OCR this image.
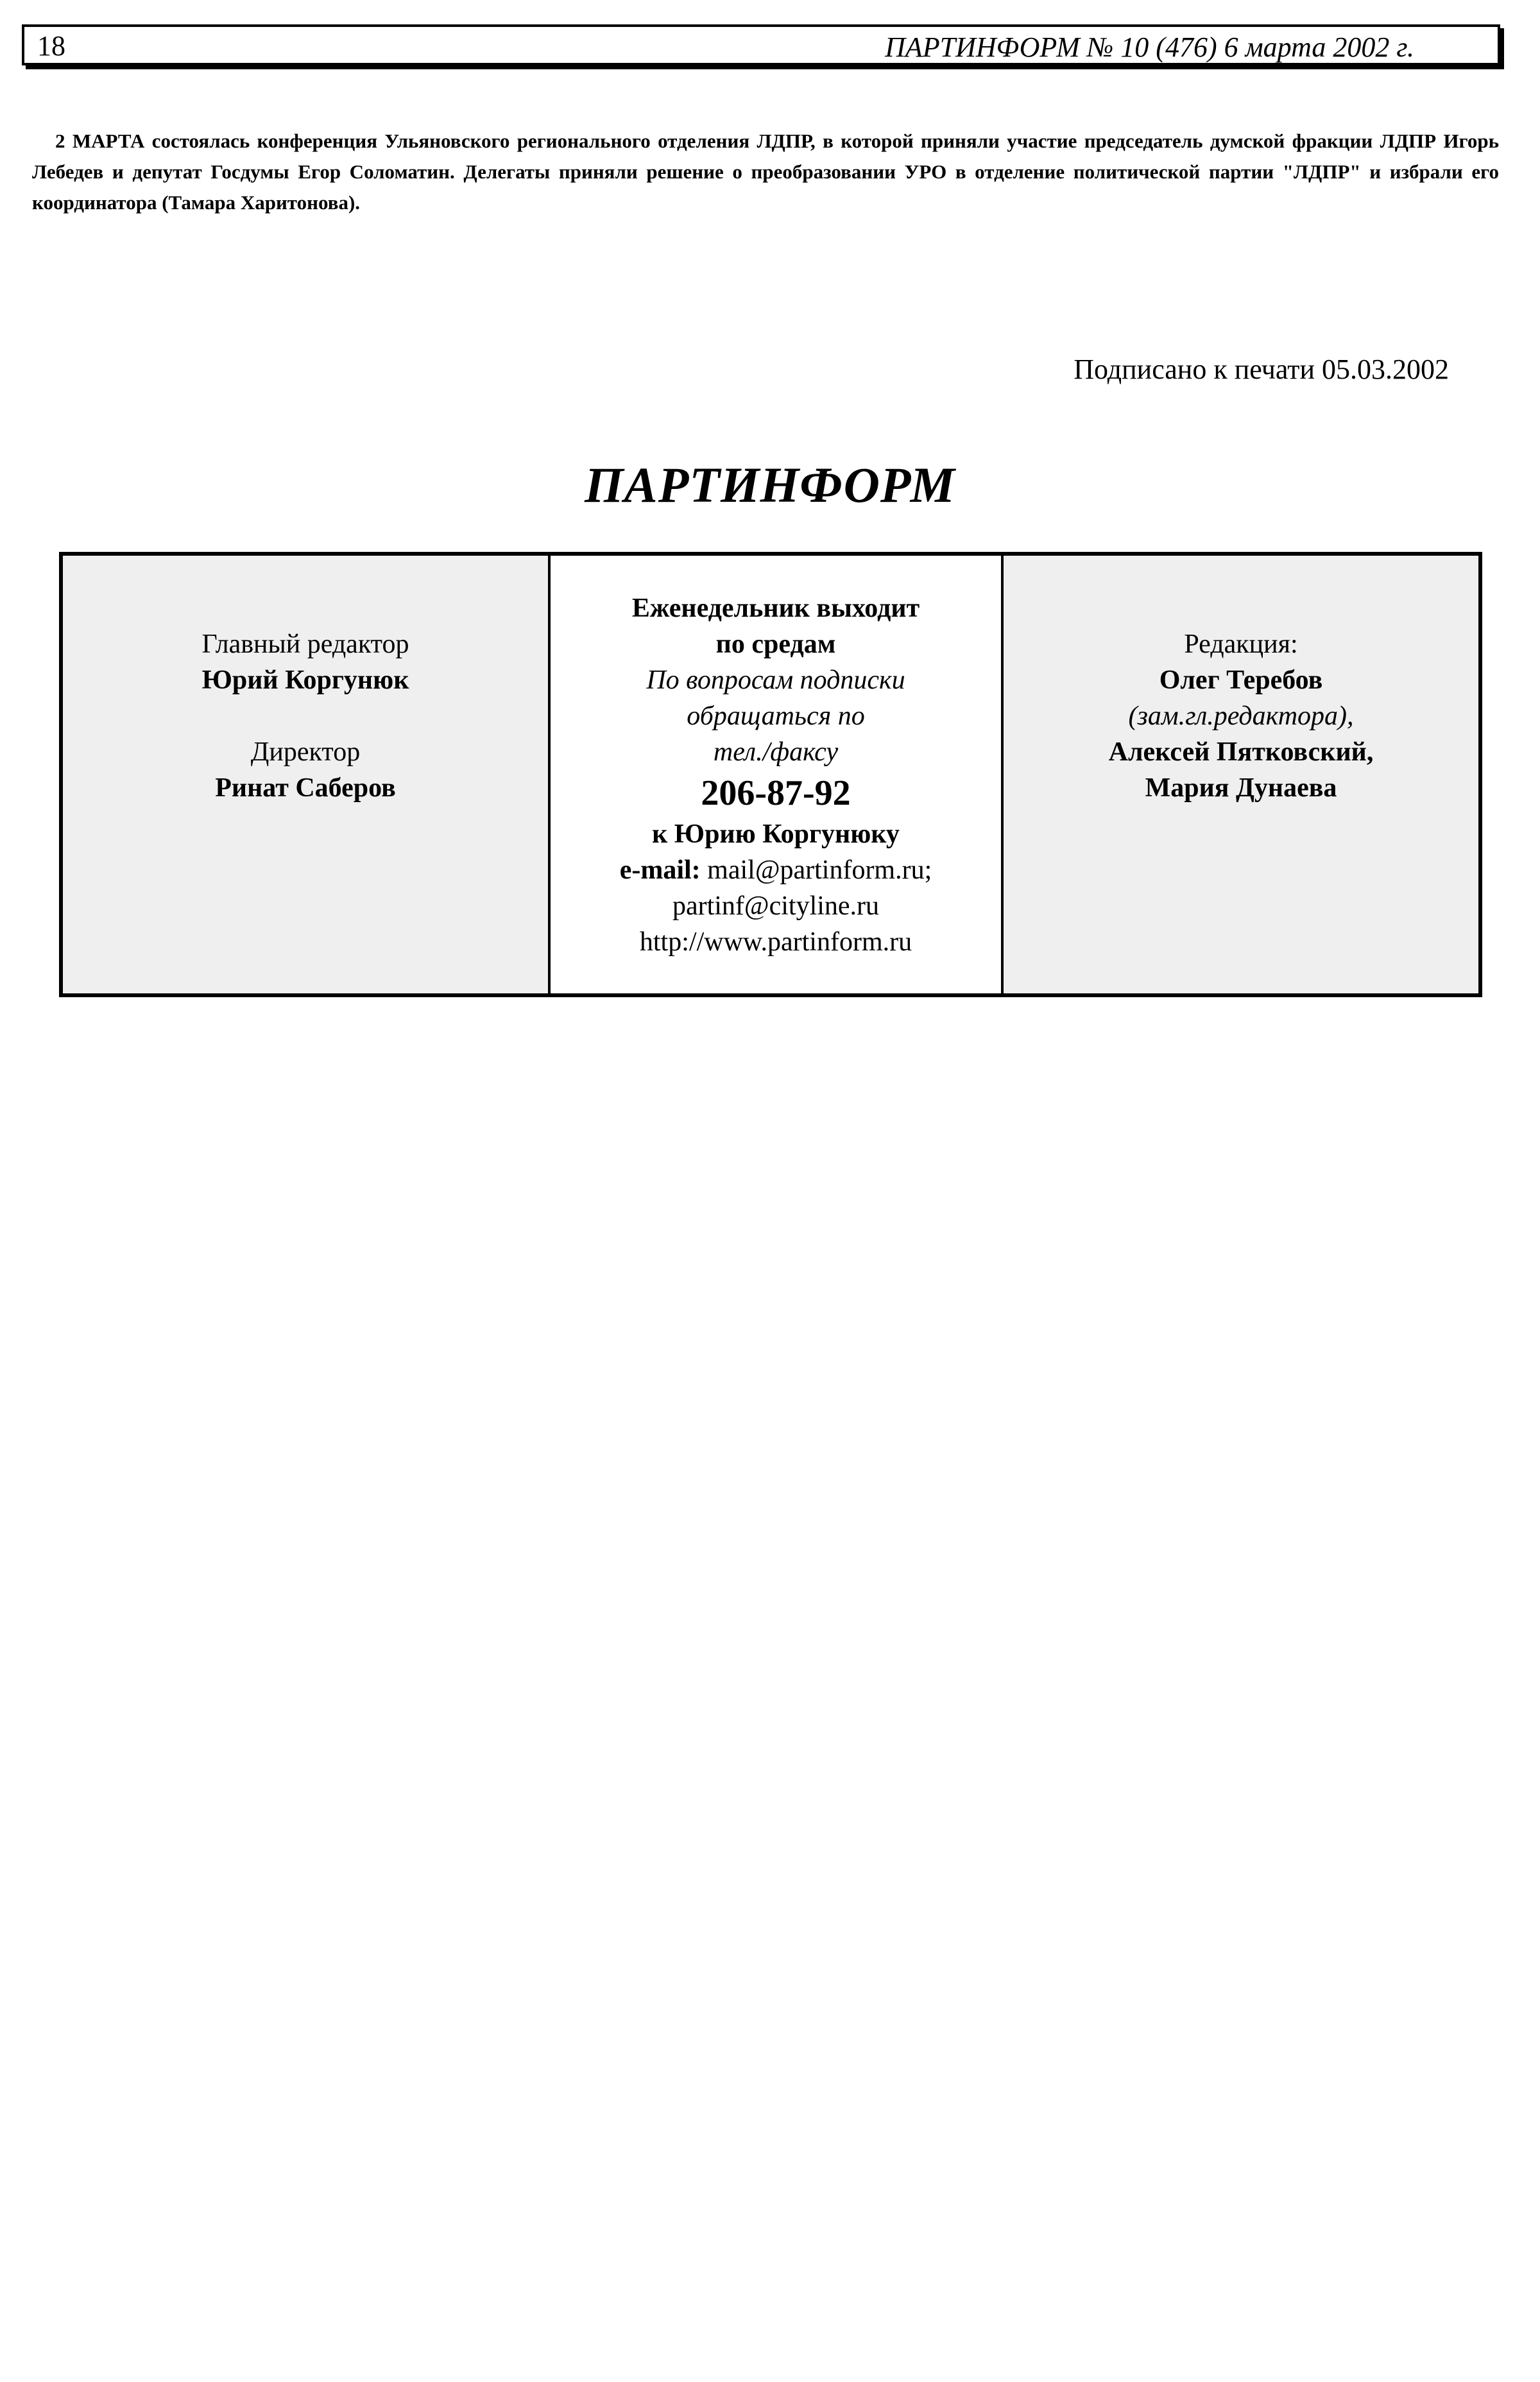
18	ПАРТИНФОРМ № 10 (476) 6 марта 2002 г.

2 МАРТА состоялась конференция Ульяновского регионального отделения ЛДПР, в которой приняли участие председатель думской фракции ЛДПР Игорь Лебедев и депутат Госдумы Егор Соломатин. Делегаты приняли решение о преобразовании УРО в отделение политической партии "ЛДПР" и избрали его координатора (Тамара Харитонова).

Подписано к печати 05.03.2002
ПАРТИНФОРМ
Главный редактор
Юрий Коргунюк
Директор
Ринат Саберов
Еженедельник выходит
по средам
По вопросам подписки
обращаться по
тел./факсу
206-87-92
к Юрию Коргунюку
e-mail: mail@partinform.ru;
partinf@cityline.ru
http://www.partinform.ru
Редакция:
Олег Теребов
(зам.гл.редактора),
Алексей Пятковский,
Мария Дунаева
